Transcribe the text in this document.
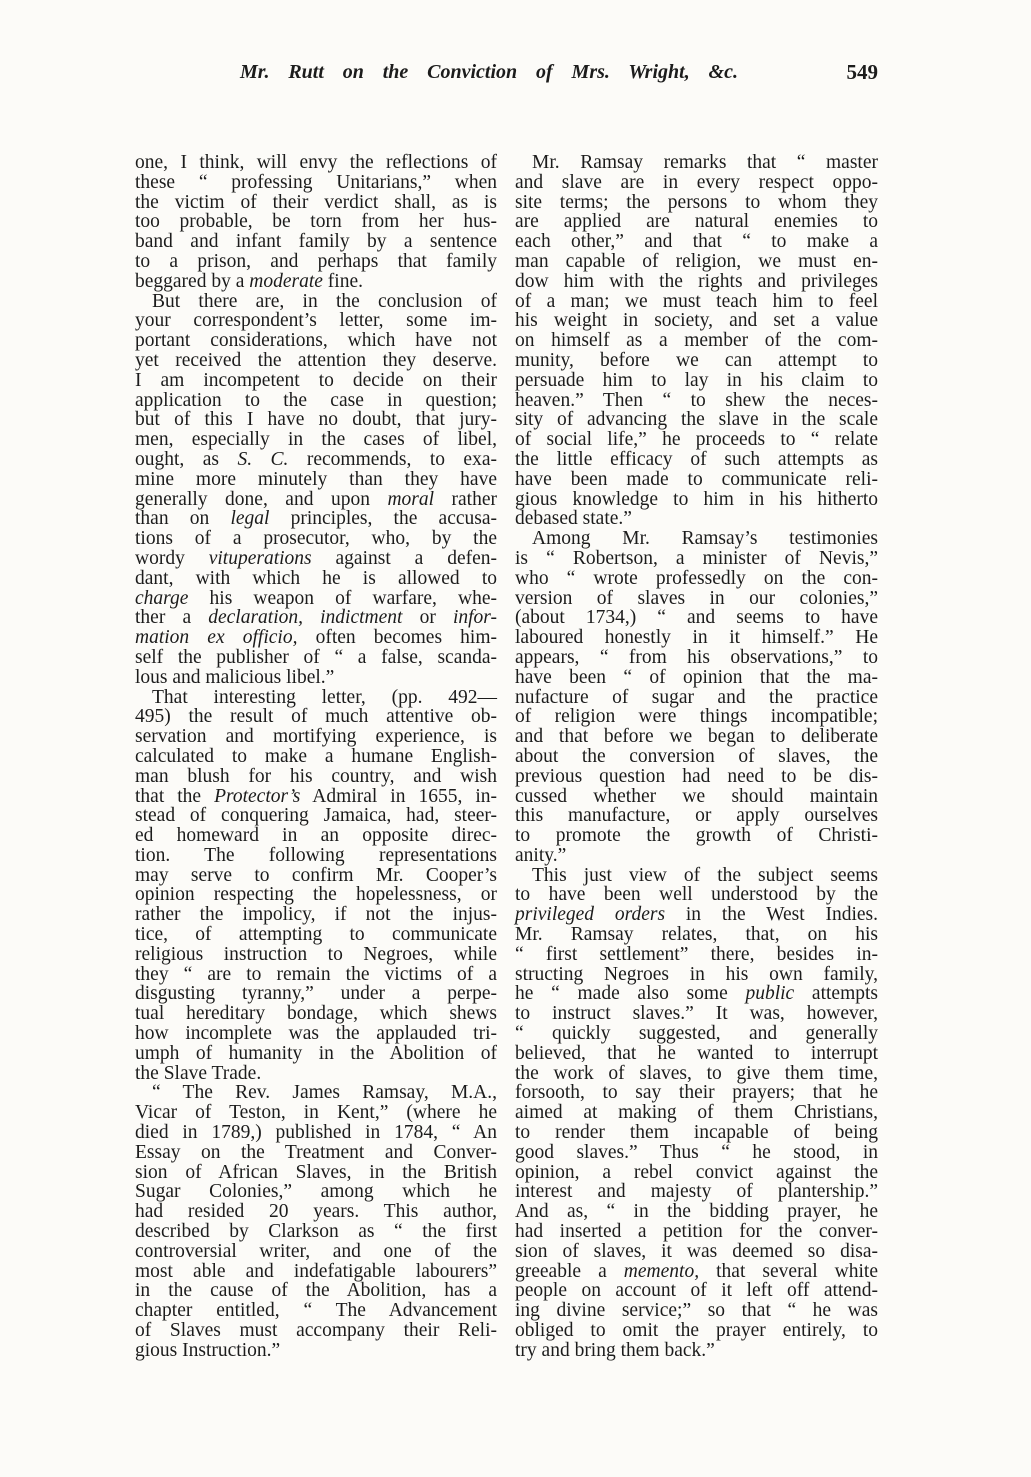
Mr. Rutt on the Conviction of Mrs. Wright, &c.	549
one, I think, will envy the reflections of
these “ professing Unitarians,” when
the victim of their verdict shall, as is
too probable, be torn from her hus-
band and infant family by a sentence
to a prison, and perhaps that family
beggared by a moderate fine.
But there are, in the conclusion of
your correspondent’s letter, some im-
portant considerations, which have not
yet received the attention they deserve.
I am incompetent to decide on their
application to the case in question;
but of this I have no doubt, that jury-
men, especially in the cases of libel,
ought, as S. C. recommends, to exa-
mine more minutely than they have
generally done, and upon moral rather
than on legal principles, the accusa-
tions of a prosecutor, who, by the
wordy vituperations against a defen-
dant, with which he is allowed to
charge his weapon of warfare, whe-
ther a declaration, indictment or infor-
mation ex officio, often becomes him-
self the publisher of “ a false, scanda-
lous and malicious libel.”
That interesting letter, (pp. 492—
495) the result of much attentive ob-
servation and mortifying experience, is
calculated to make a humane English-
man blush for his country, and wish
that the Protector’s Admiral in 1655, in-
stead of conquering Jamaica, had, steer-
ed homeward in an opposite direc-
tion. The following representations
may serve to confirm Mr. Cooper’s
opinion respecting the hopelessness, or
rather the impolicy, if not the injus-
tice, of attempting to communicate
religious instruction to Negroes, while
they “ are to remain the victims of a
disgusting tyranny,” under a perpe-
tual hereditary bondage, which shews
how incomplete was the applauded tri-
umph of humanity in the Abolition of
the Slave Trade.
“ The Rev. James Ramsay, M.A.,
Vicar of Teston, in Kent,” (where he
died in 1789,) published in 1784, “ An
Essay on the Treatment and Conver-
sion of African Slaves, in the British
Sugar Colonies,” among which he
had resided 20 years. This author,
described by Clarkson as “ the first
controversial writer, and one of the
most able and indefatigable labourers”
in the cause of the Abolition, has a
chapter entitled, “ The Advancement
of Slaves must accompany their Reli-
gious Instruction.”
Mr. Ramsay remarks that “ master
and slave are in every respect oppo-
site terms; the persons to whom they
are applied are natural enemies to
each other,” and that “ to make a
man capable of religion, we must en-
dow him with the rights and privileges
of a man; we must teach him to feel
his weight in society, and set a value
on himself as a member of the com-
munity, before we can attempt to
persuade him to lay in his claim to
heaven.” Then “ to shew the neces-
sity of advancing the slave in the scale
of social life,” he proceeds to “ relate
the little efficacy of such attempts as
have been made to communicate reli-
gious knowledge to him in his hitherto
debased state.”
Among Mr. Ramsay’s testimonies
is “ Robertson, a minister of Nevis,”
who “ wrote professedly on the con-
version of slaves in our colonies,”
(about 1734,) “ and seems to have
laboured honestly in it himself.” He
appears, “ from his observations,” to
have been “ of opinion that the ma-
nufacture of sugar and the practice
of religion were things incompatible;
and that before we began to deliberate
about the conversion of slaves, the
previous question had need to be dis-
cussed whether we should maintain
this manufacture, or apply ourselves
to promote the growth of Christi-
anity.”
This just view of the subject seems
to have been well understood by the
privileged orders in the West Indies.
Mr. Ramsay relates, that, on his
“ first settlement” there, besides in-
structing Negroes in his own family,
he “ made also some public attempts
to instruct slaves.” It was, however,
“ quickly suggested, and generally
believed, that he wanted to interrupt
the work of slaves, to give them time,
forsooth, to say their prayers; that he
aimed at making of them Christians,
to render them incapable of being
good slaves.” Thus “ he stood, in
opinion, a rebel convict against the
interest and majesty of plantership.”
And as, “ in the bidding prayer, he
had inserted a petition for the conver-
sion of slaves, it was deemed so disa-
greeable a memento, that several white
people on account of it left off attend-
ing divine service;” so that “ he was
obliged to omit the prayer entirely, to
try and bring them back.”
